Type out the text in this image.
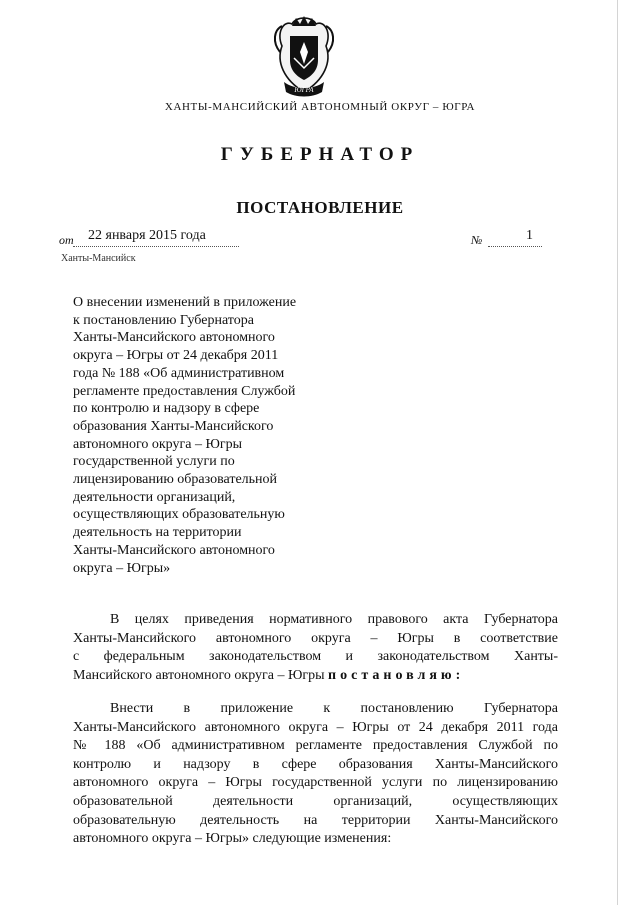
ЮГРА
ХАНТЫ-МАНСИЙСКИЙ АВТОНОМНЫЙ ОКРУГ – ЮГРА
ГУБЕРНАТОР
ПОСТАНОВЛЕНИЕ
от 22 января 2015 года	№	1
Ханты-Мансийск
О внесении изменений в приложение
к постановлению Губернатора
Ханты-Мансийского автономного
округа – Югры от 24 декабря 2011
года № 188 «Об административном
регламенте предоставления Службой
по контролю и надзору в сфере
образования Ханты-Мансийского
автономного округа – Югры
государственной услуги по
лицензированию образовательной
деятельности организаций,
осуществляющих образовательную
деятельность на территории
Ханты-Мансийского автономного
округа – Югры»
В целях приведения нормативного правового акта Губернатора
Ханты-Мансийского автономного округа – Югры в соответствие
с федеральным законодательством и законодательством Ханты-
Мансийского автономного округа – Югры постановляю:
Внести в приложение к постановлению Губернатора
Ханты-Мансийского автономного округа – Югры от 24 декабря 2011 года
№ 188 «Об административном регламенте предоставления Службой по
контролю и надзору в сфере образования Ханты-Мансийского
автономного округа – Югры государственной услуги по лицензированию
образовательной деятельности организаций, осуществляющих
образовательную деятельность на территории Ханты-Мансийского
автономного округа – Югры» следующие изменения:
